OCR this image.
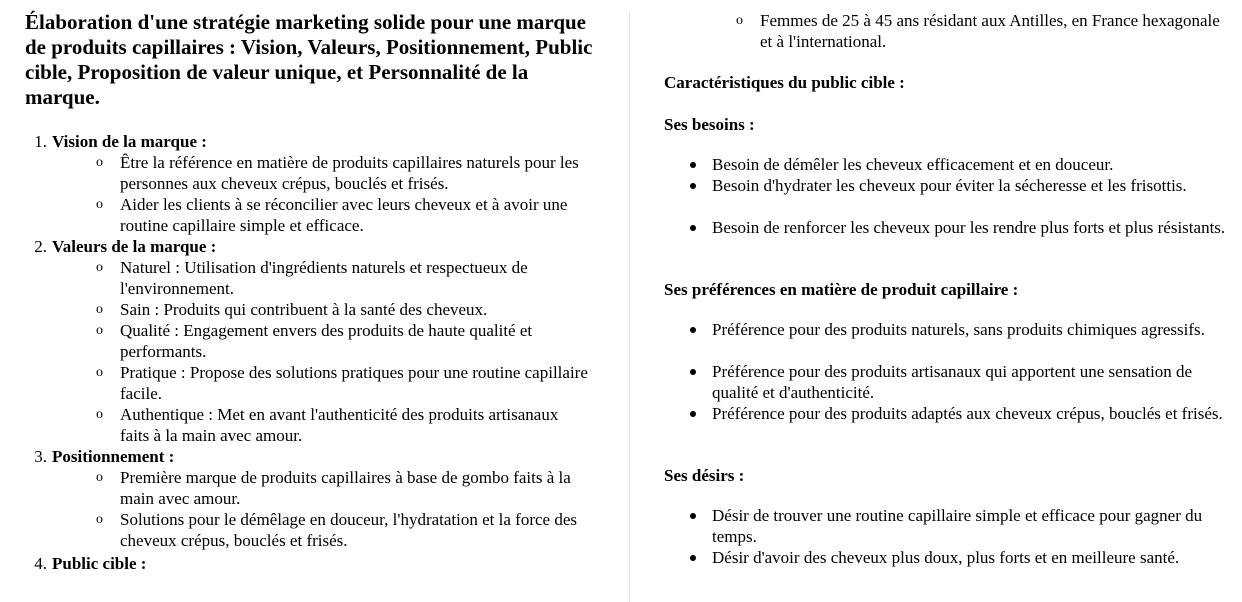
Élaboration d'une stratégie marketing solide pour une marque de produits capillaires : Vision, Valeurs, Positionnement, Public cible, Proposition de valeur unique, et Personnalité de la marque.
1. Vision de la marque :
o Être la référence en matière de produits capillaires naturels pour les personnes aux cheveux crépus, bouclés et frisés.
o Aider les clients à se réconcilier avec leurs cheveux et à avoir une routine capillaire simple et efficace.
2. Valeurs de la marque :
o Naturel : Utilisation d'ingrédients naturels et respectueux de l'environnement.
o Sain : Produits qui contribuent à la santé des cheveux.
o Qualité : Engagement envers des produits de haute qualité et performants.
o Pratique : Propose des solutions pratiques pour une routine capillaire facile.
o Authentique : Met en avant l'authenticité des produits artisanaux faits à la main avec amour.
3. Positionnement :
o Première marque de produits capillaires à base de gombo faits à la main avec amour.
o Solutions pour le démêlage en douceur, l'hydratation et la force des cheveux crépus, bouclés et frisés.
4. Public cible :
o Femmes de 25 à 45 ans résidant aux Antilles, en France hexagonale et à l'international.
Caractéristiques du public cible :
Ses besoins :
Besoin de démêler les cheveux efficacement et en douceur.
Besoin d'hydrater les cheveux pour éviter la sécheresse et les frisottis.
Besoin de renforcer les cheveux pour les rendre plus forts et plus résistants.
Ses préférences en matière de produit capillaire :
Préférence pour des produits naturels, sans produits chimiques agressifs.
Préférence pour des produits artisanaux qui apportent une sensation de qualité et d'authenticité.
Préférence pour des produits adaptés aux cheveux crépus, bouclés et frisés.
Ses désirs :
Désir de trouver une routine capillaire simple et efficace pour gagner du temps.
Désir d'avoir des cheveux plus doux, plus forts et en meilleure santé.
